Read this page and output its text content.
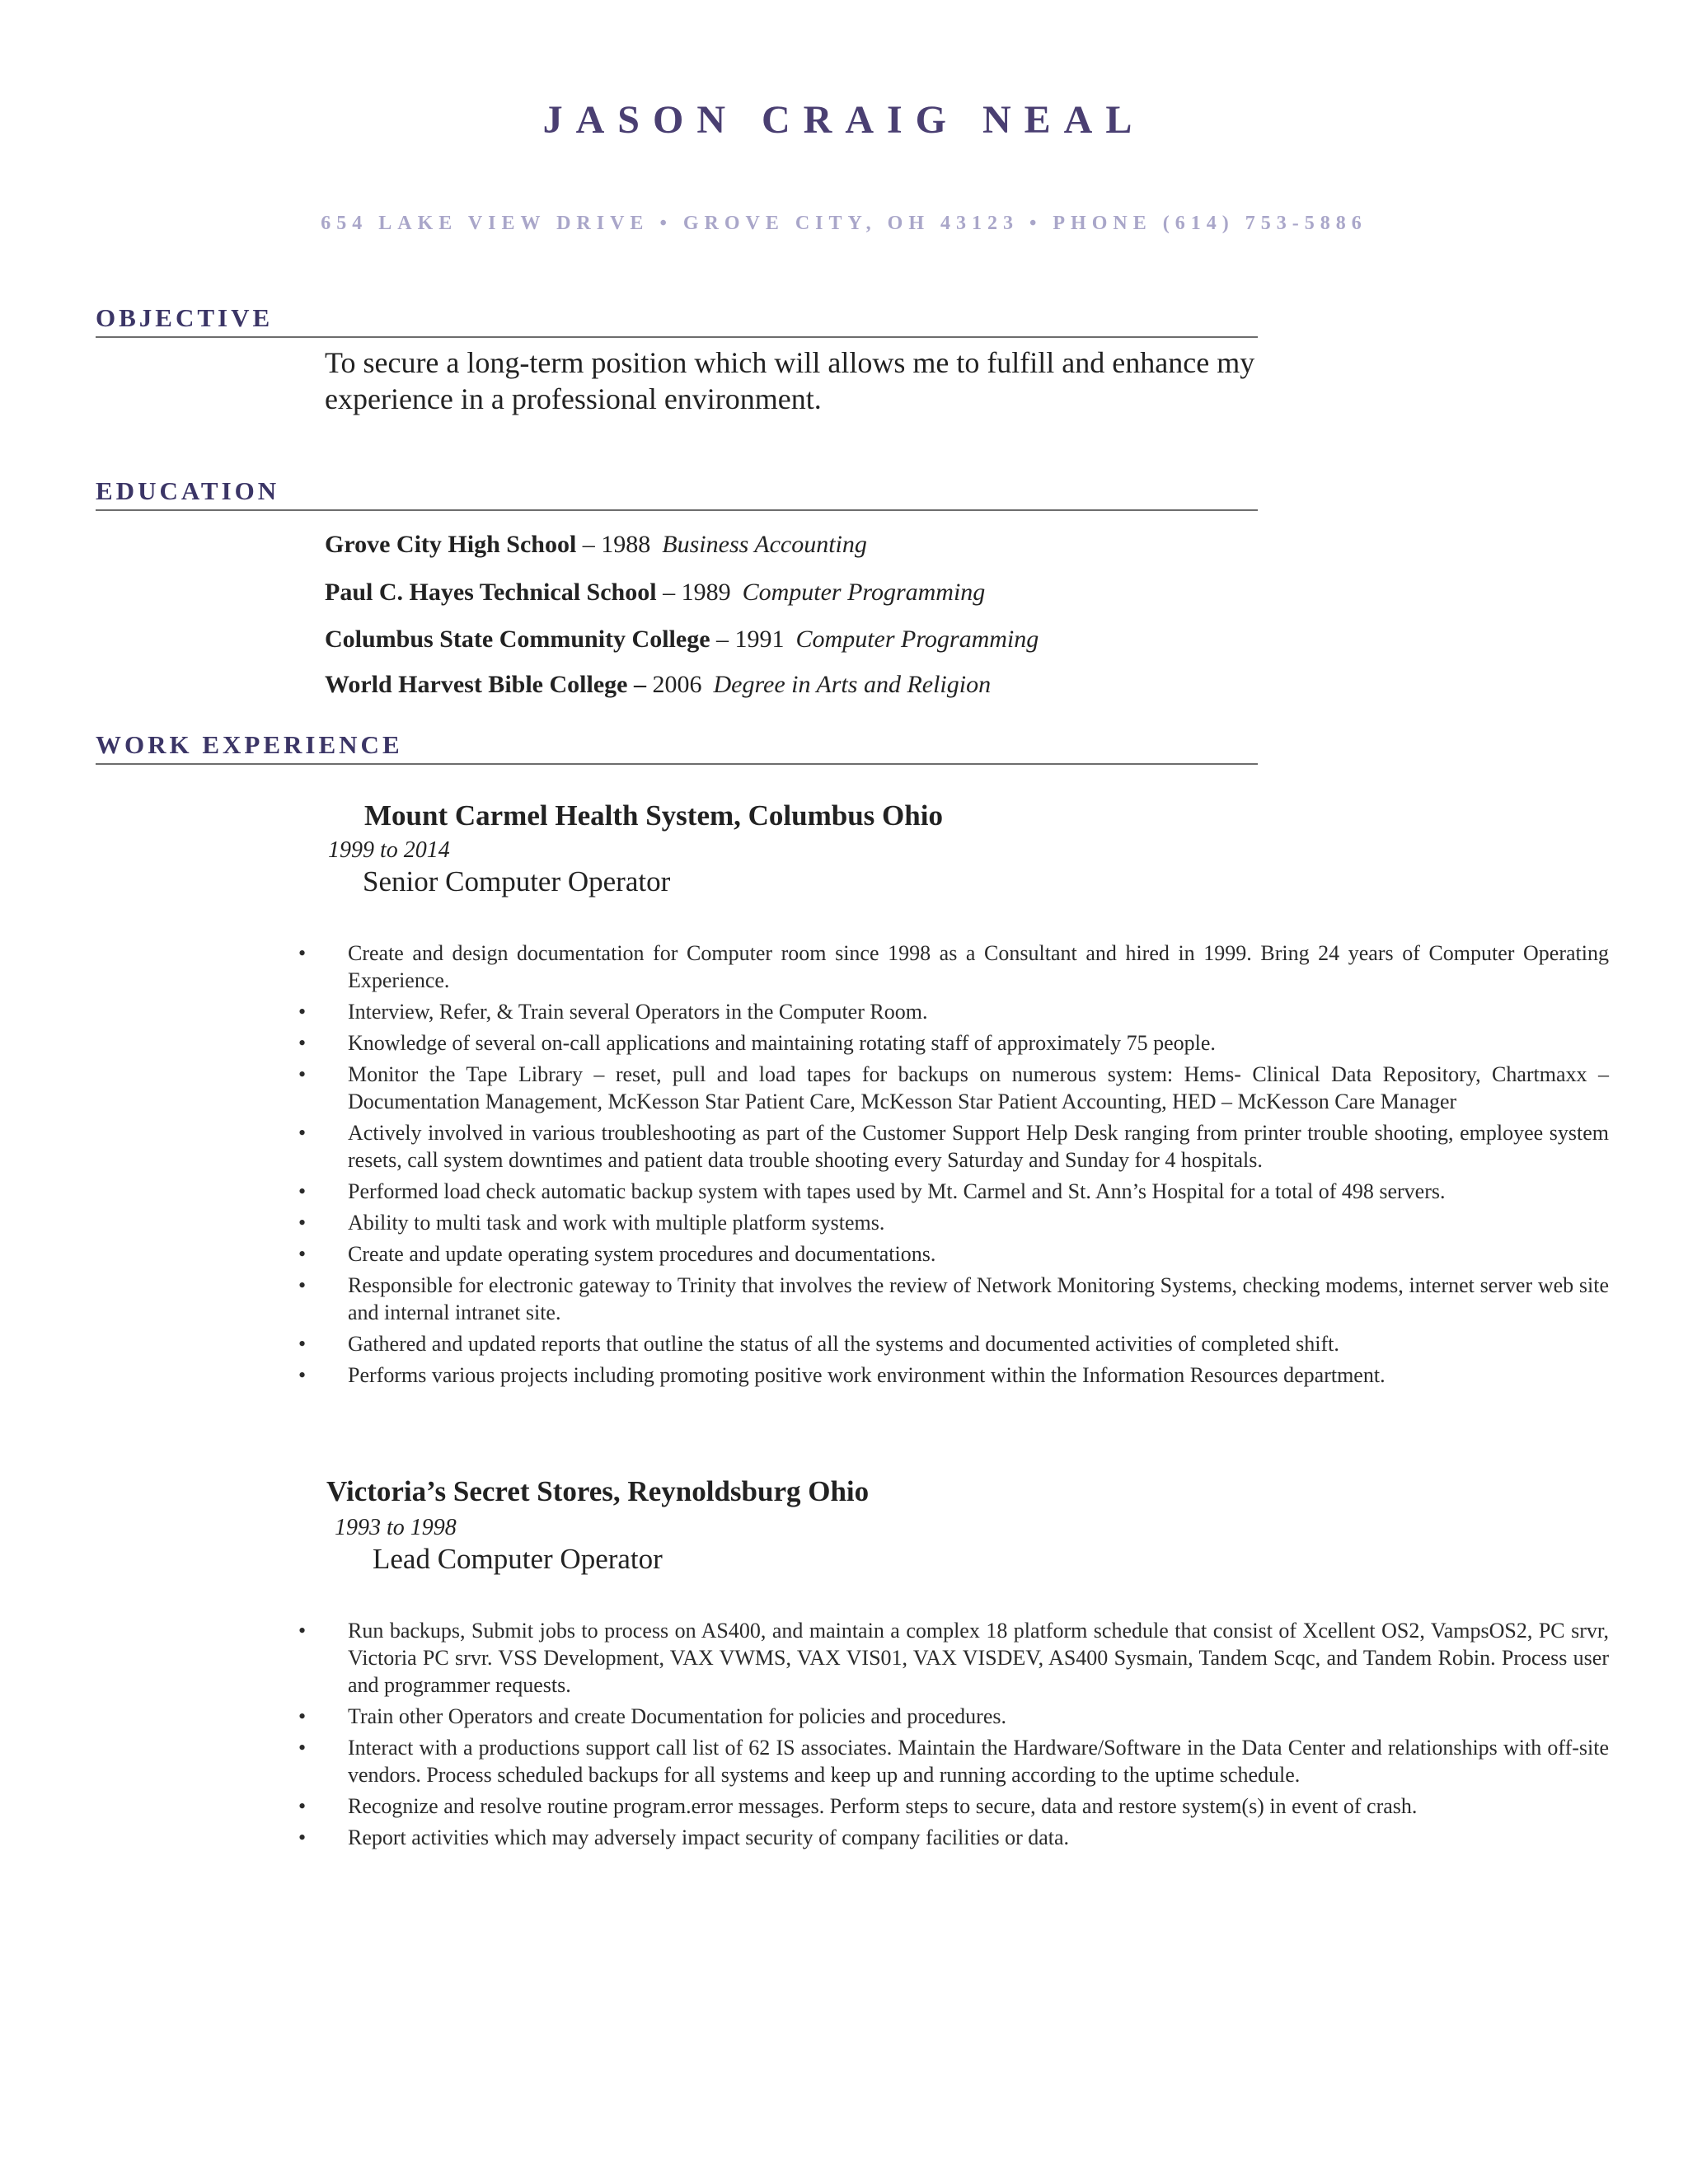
JASON CRAIG NEAL
654 LAKE VIEW DRIVE • GROVE CITY, OH 43123 • PHONE (614) 753-5886
OBJECTIVE
To secure a long-term position which will allows me to fulfill and enhance my experience in a professional environment.
EDUCATION
Grove City High School – 1988 Business Accounting
Paul C. Hayes Technical School – 1989 Computer Programming
Columbus State Community College – 1991 Computer Programming
World Harvest Bible College – 2006 Degree in Arts and Religion
WORK EXPERIENCE
Mount Carmel Health System, Columbus Ohio
1999 to 2014
Senior Computer Operator
• Create and design documentation for Computer room since 1998 as a Consultant and hired in 1999. Bring 24 years of Computer Operating Experience.
• Interview, Refer, & Train several Operators in the Computer Room.
• Knowledge of several on-call applications and maintaining rotating staff of approximately 75 people.
• Monitor the Tape Library – reset, pull and load tapes for backups on numerous system: Hems- Clinical Data Repository, Chartmaxx – Documentation Management, McKesson Star Patient Care, McKesson Star Patient Accounting, HED – McKesson Care Manager
• Actively involved in various troubleshooting as part of the Customer Support Help Desk ranging from printer trouble shooting, employee system resets, call system downtimes and patient data trouble shooting every Saturday and Sunday for 4 hospitals.
• Performed load check automatic backup system with tapes used by Mt. Carmel and St. Ann’s Hospital for a total of 498 servers.
• Ability to multi task and work with multiple platform systems.
• Create and update operating system procedures and documentations.
• Responsible for electronic gateway to Trinity that involves the review of Network Monitoring Systems, checking modems, internet server web site and internal intranet site.
• Gathered and updated reports that outline the status of all the systems and documented activities of completed shift.
• Performs various projects including promoting positive work environment within the Information Resources department.
Victoria’s Secret Stores, Reynoldsburg Ohio
1993 to 1998
Lead Computer Operator
• Run backups, Submit jobs to process on AS400, and maintain a complex 18 platform schedule that consist of Xcellent OS2, VampsOS2, PC srvr, Victoria PC srvr. VSS Development, VAX VWMS, VAX VIS01, VAX VISDEV, AS400 Sysmain, Tandem Scqc, and Tandem Robin. Process user and programmer requests.
• Train other Operators and create Documentation for policies and procedures.
• Interact with a productions support call list of 62 IS associates. Maintain the Hardware/Software in the Data Center and relationships with off-site vendors. Process scheduled backups for all systems and keep up and running according to the uptime schedule.
• Recognize and resolve routine program.error messages. Perform steps to secure, data and restore system(s) in event of crash.
• Report activities which may adversely impact security of company facilities or data.
